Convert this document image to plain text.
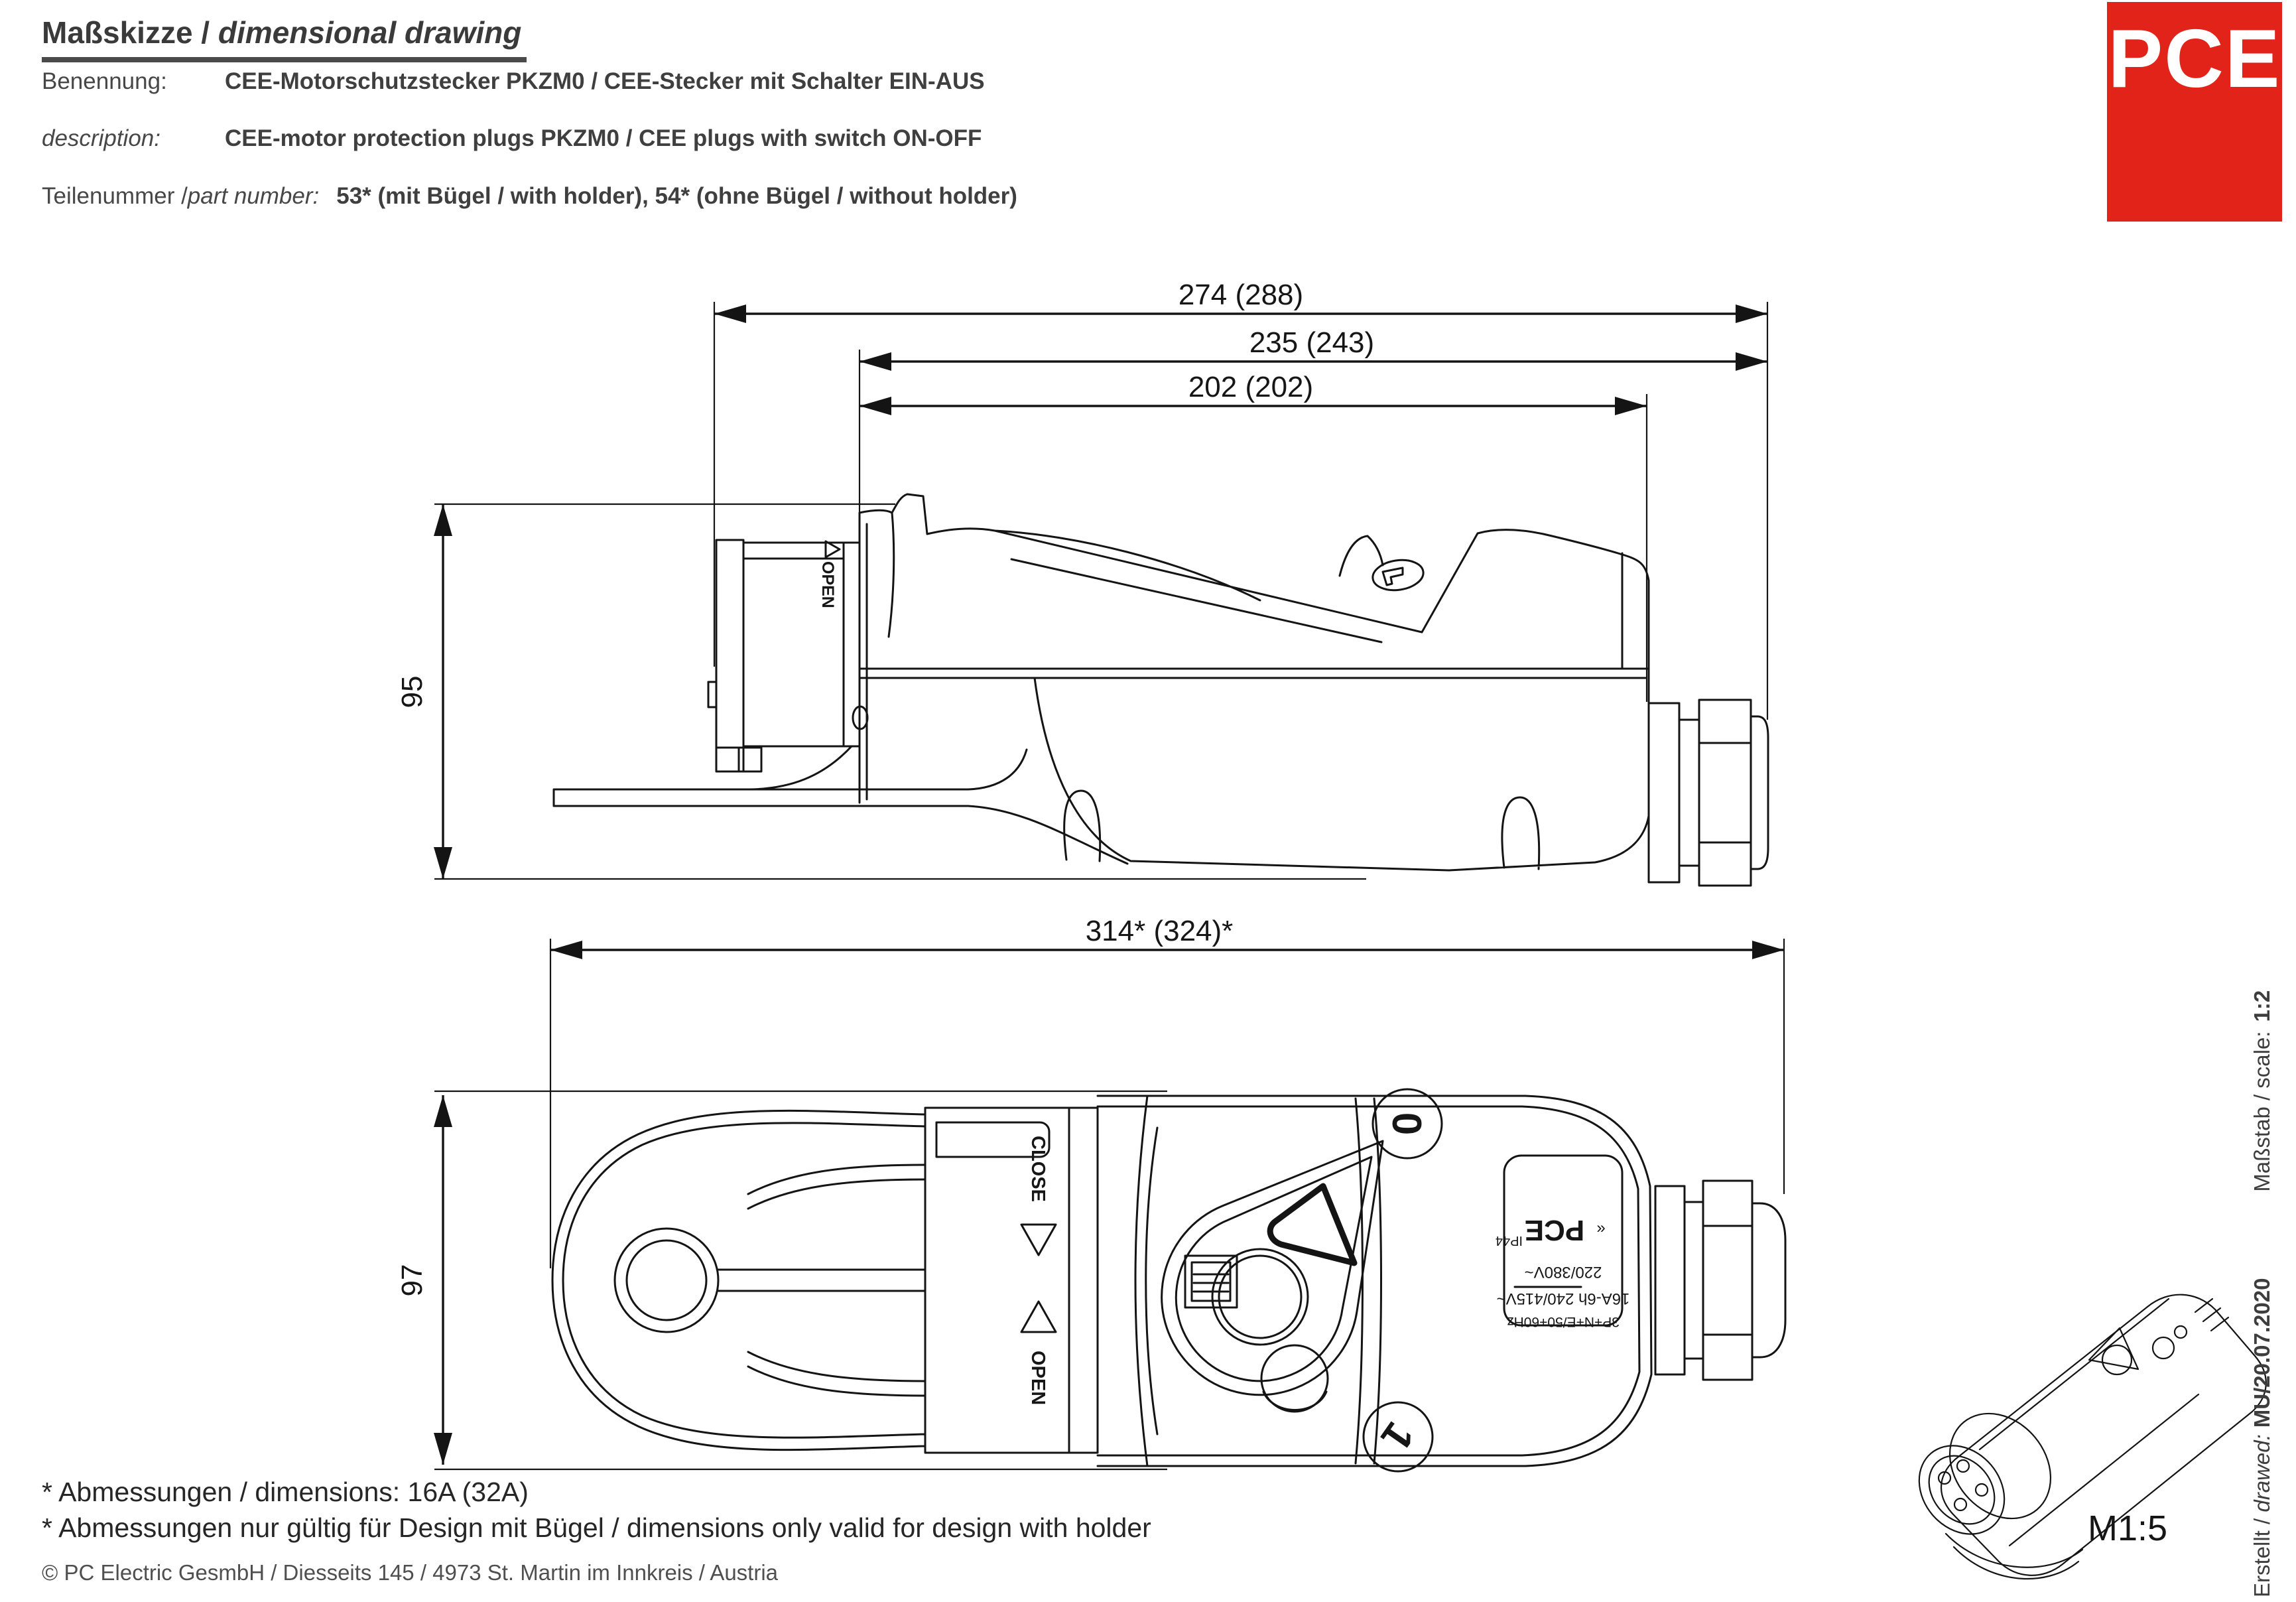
Maßskizze / dimensional drawing
Benennung: CEE-Motorschutzstecker PKZM0 / CEE-Stecker mit Schalter EIN-AUS
description:	CEE-motor protection plugs PKZM0 / CEE plugs with switch ON-OFF
Teilenummer /part number: 53* (mit Bügel / with holder), 54* (ohne Bügel / without holder)
PCE
274 (288)
235 (243)
202 (202)
95
314* (324)*
97
OPEN
CLOSE
OPEN
0
1
3P+N+E/50+60Hz
16A-6h 240/415V~
220/380V~
«
PCE
IP44
M1:5	Erstellt / drawed:MU/20.07.2020Maßstab / scale:1:2
* Abmessungen / dimensions: 16A (32A)
* Abmessungen nur gültig für Design mit Bügel / dimensions only valid for design with holder
© PC Electric GesmbH / Diesseits 145 / 4973 St. Martin im Innkreis / Austria
